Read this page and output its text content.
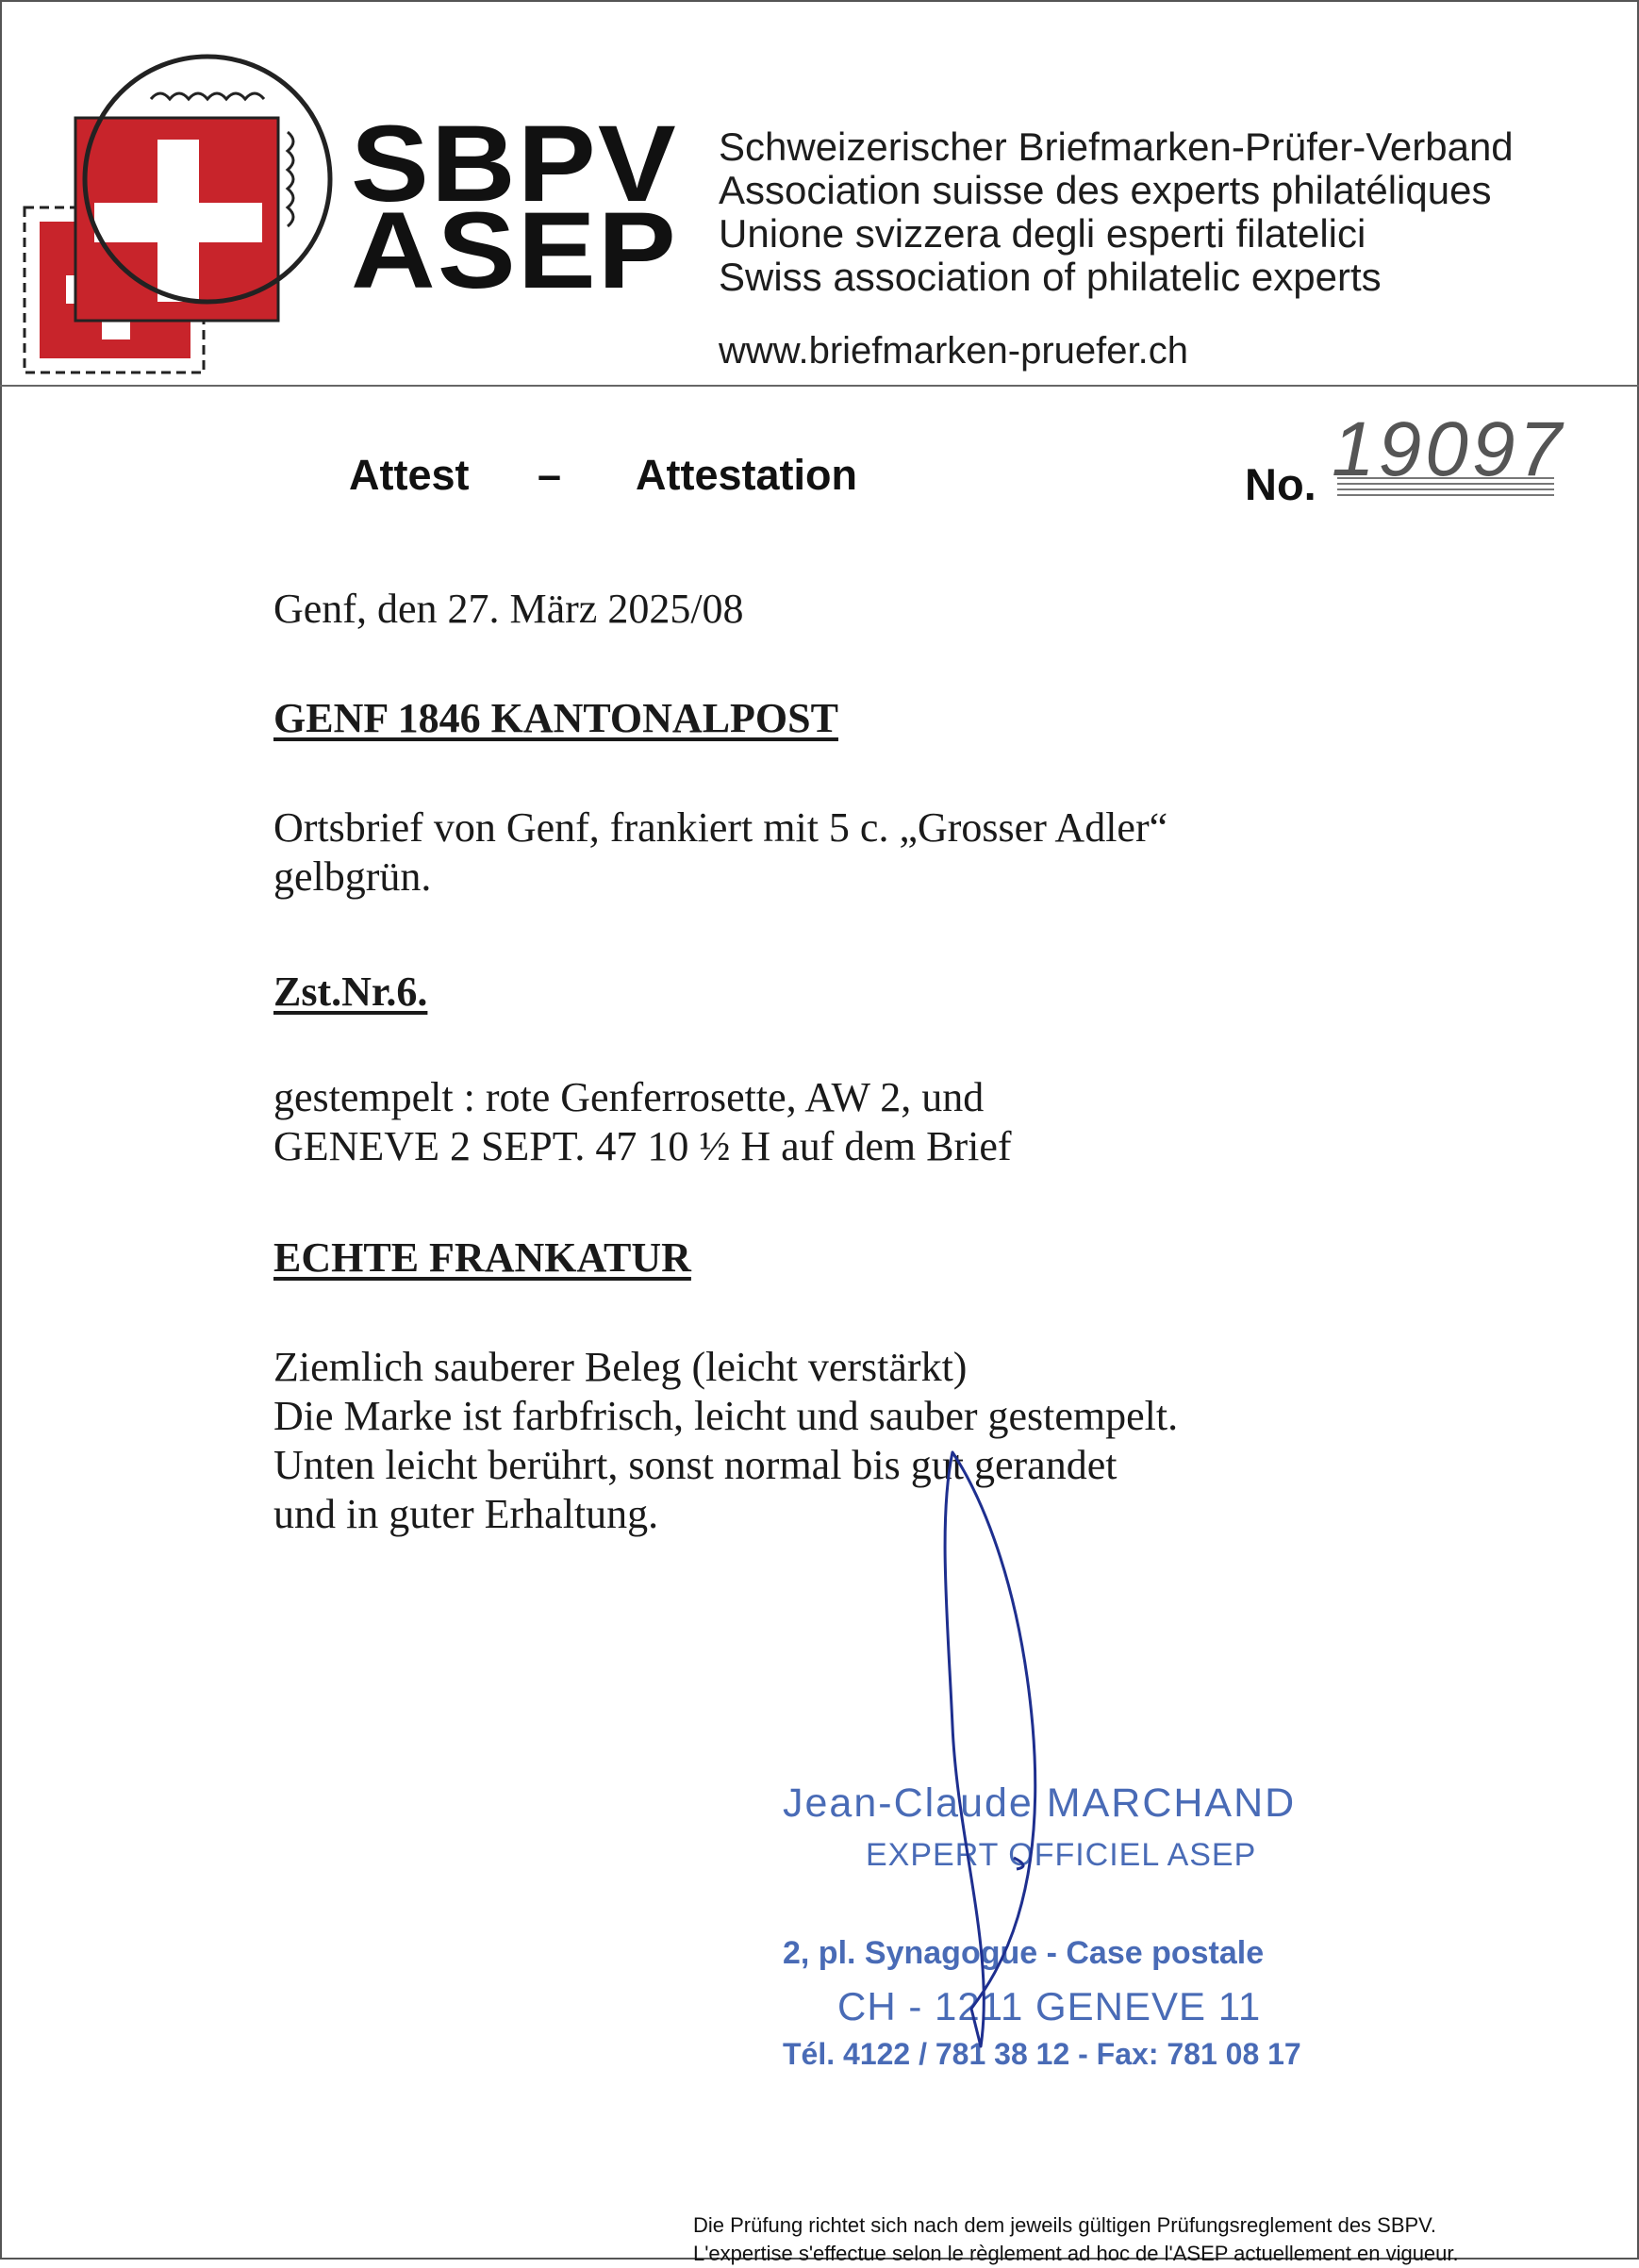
SBPV
ASEP
Schweizerischer Briefmarken-Prüfer-Verband
Association suisse des experts philatéliques
Unione svizzera degli esperti filatelici
Swiss association of philatelic experts
www.briefmarken-pruefer.ch
Attest – Attestation	No. 19097
Genf, den 27. März 2025/08
GENF 1846 KANTONALPOST
Ortsbrief von Genf, frankiert mit 5 c. „Grosser Adler“
gelbgrün.
Zst.Nr.6.
gestempelt : rote Genferrosette, AW 2, und
GENEVE 2 SEPT. 47 10 ½ H auf dem Brief
ECHTE FRANKATUR
Ziemlich sauberer Beleg (leicht verstärkt)
Die Marke ist farbfrisch, leicht und sauber gestempelt.
Unten leicht berührt, sonst normal bis gut gerandet
und in guter Erhaltung.
Jean-Claude MARCHAND
EXPERT OFFICIEL ASEP
2, pl. Synagogue - Case postale
CH - 1211 GENEVE 11
Tél. 4122 / 781 38 12 - Fax: 781 08 17
Die Prüfung richtet sich nach dem jeweils gültigen Prüfungsreglement des SBPV.
L'expertise s'effectue selon le règlement ad hoc de l'ASEP actuellement en vigueur.
